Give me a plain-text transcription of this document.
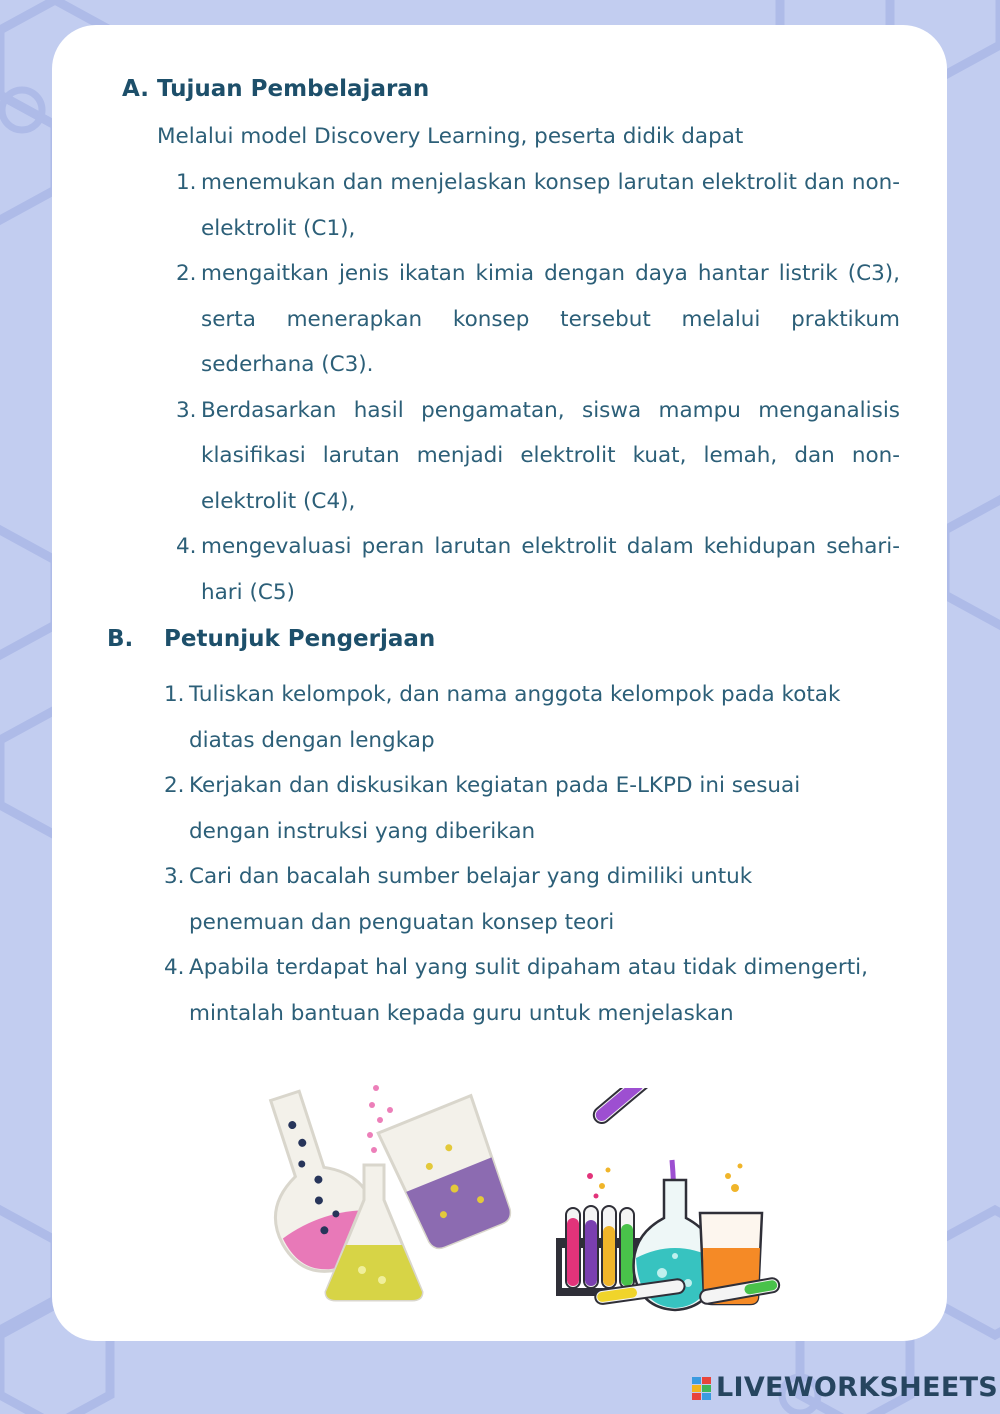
A. Tujuan Pembelajaran
Melalui model Discovery Learning, peserta didik dapat
1. menemukan dan menjelaskan konsep larutan elektrolit dan non-elektrolit (C1),
2. mengaitkan jenis ikatan kimia dengan daya hantar listrik (C3), serta menerapkan konsep tersebut melalui praktikum sederhana (C3).
3. Berdasarkan hasil pengamatan, siswa mampu menganalisis klasifikasi larutan menjadi elektrolit kuat, lemah, dan non-elektrolit (C4),
4. mengevaluasi peran larutan elektrolit dalam kehidupan sehari-hari (C5)
B. Petunjuk Pengerjaan
1. Tuliskan kelompok, dan nama anggota kelompok pada kotak diatas dengan lengkap
2. Kerjakan dan diskusikan kegiatan pada E-LKPD ini sesuai dengan instruksi yang diberikan
3. Cari dan bacalah sumber belajar yang dimiliki untuk penemuan dan penguatan konsep teori
4. Apabila terdapat hal yang sulit dipaham atau tidak dimengerti, mintalah bantuan kepada guru untuk menjelaskan
LIVEWORKSHEETS
